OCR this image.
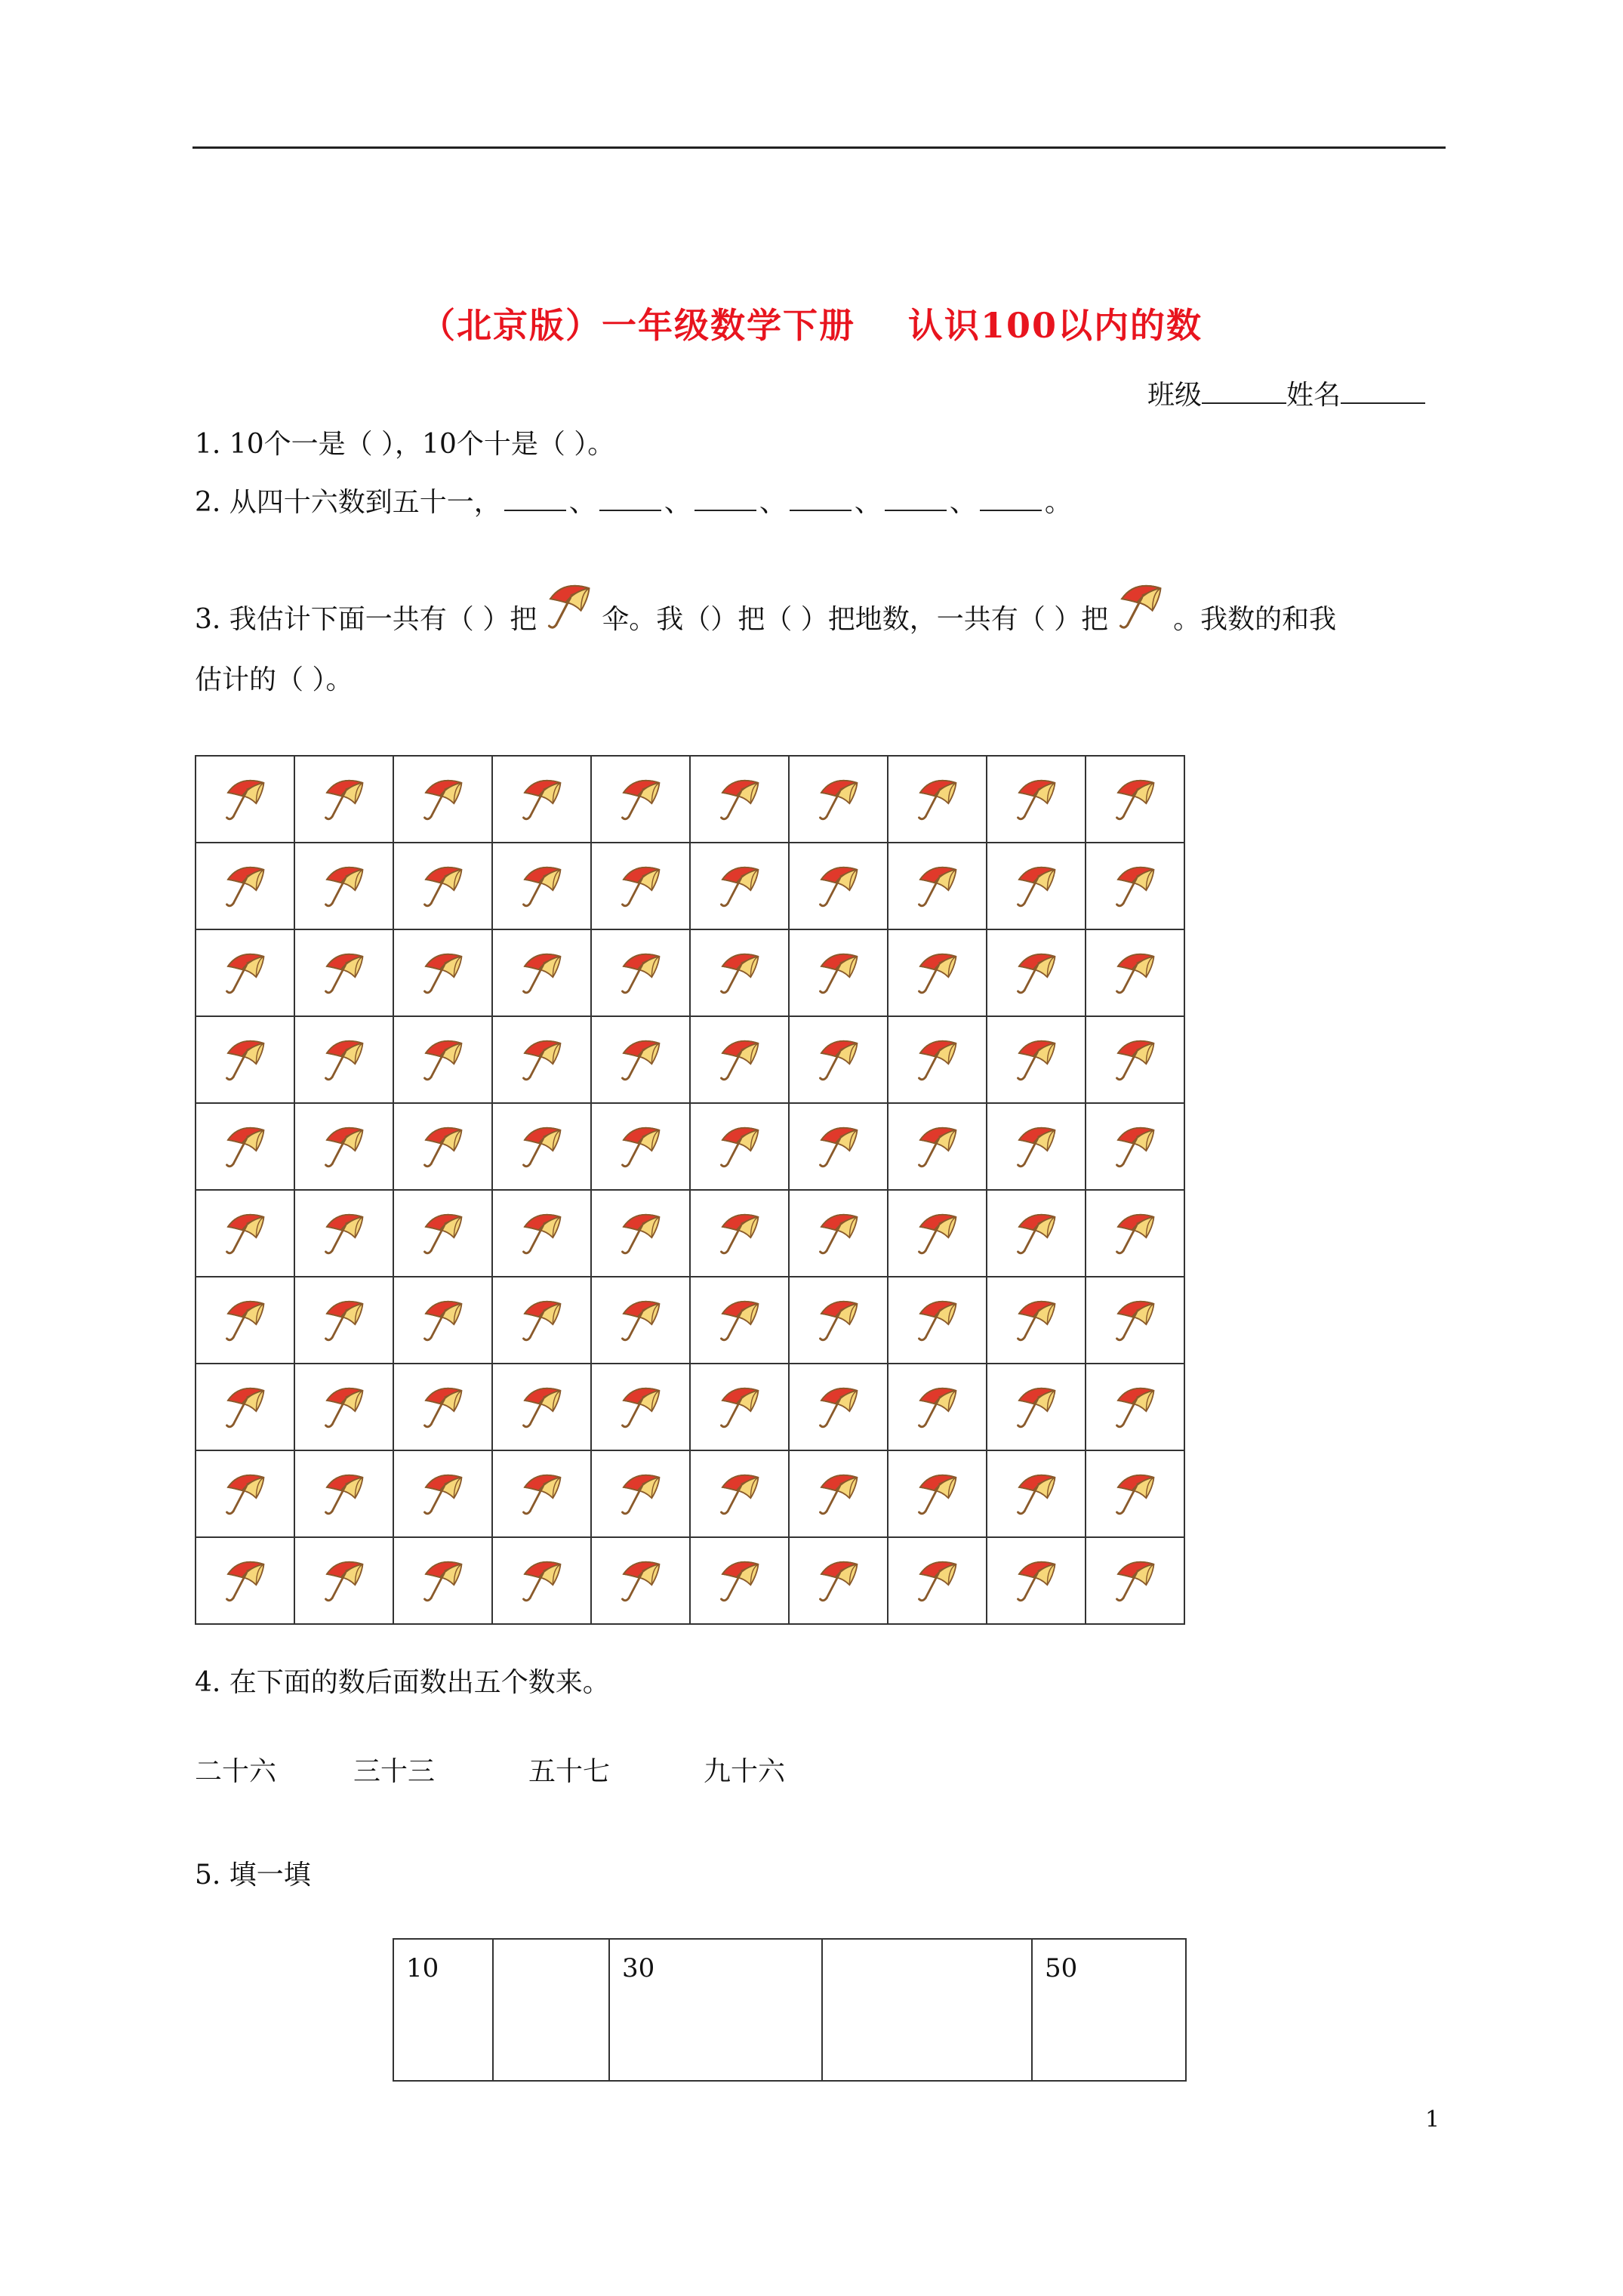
（北京版）一年级数学下册 认识100以内的数
班级	姓名
1. 10个一是（ ），10个十是（ ）。
2. 从四十六数到五十一，	、	、	、	、	、	。
3. 我估计下面一共有（ ）把 伞。我（）把（ ）把地数，一共有（ ）把 。我数的和我
估计的（ ）。

4. 在下面的数后面数出五个数来。
二十六	三十三	五十七	九十六
5. 填一填
10		30		50
1
